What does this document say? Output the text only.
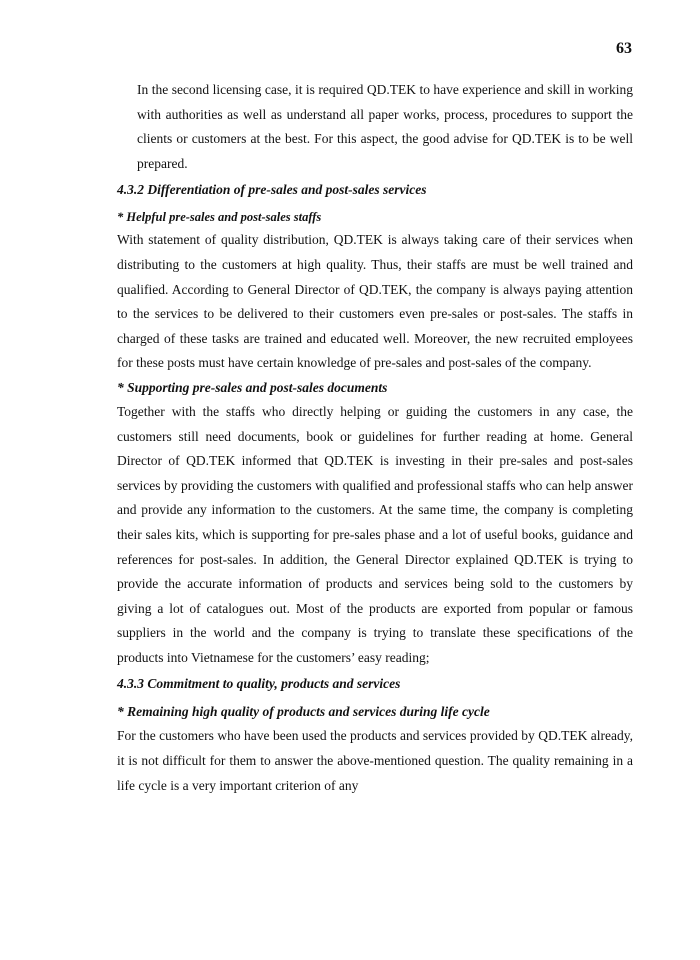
63

In the second licensing case, it is required QD.TEK to have experience and skill in working with authorities as well as understand all paper works, process, procedures to support the clients or customers at the best. For this aspect, the good advise for QD.TEK is to be well prepared.

4.3.2 Differentiation of pre-sales and post-sales services
* Helpful pre-sales and post-sales staffs

With statement of quality distribution, QD.TEK is always taking care of their services when distributing to the customers at high quality. Thus, their staffs are must be well trained and qualified. According to General Director of QD.TEK, the company is always paying attention to the services to be delivered to their customers even pre-sales or post-sales. The staffs in charged of these tasks are trained and educated well. Moreover, the new recruited employees for these posts must have certain knowledge of pre-sales and post-sales of the company.

* Supporting pre-sales and post-sales documents

Together with the staffs who directly helping or guiding the customers in any case, the customers still need documents, book or guidelines for further reading at home. General Director of QD.TEK informed that QD.TEK is investing in their pre-sales and post-sales services by providing the customers with qualified and professional staffs who can help answer and provide any information to the customers. At the same time, the company is completing their sales kits, which is supporting for pre-sales phase and a lot of useful books, guidance and references for post-sales. In addition, the General Director explained QD.TEK is trying to provide the accurate information of products and services being sold to the customers by giving a lot of catalogues out. Most of the products are exported from popular or famous suppliers in the world and the company is trying to translate these specifications of the products into Vietnamese for the customers’ easy reading;

4.3.3 Commitment to quality, products and services
* Remaining high quality of products and services during life cycle

For the customers who have been used the products and services provided by QD.TEK already, it is not difficult for them to answer the above-mentioned question. The quality remaining in a life cycle is a very important criterion of any
